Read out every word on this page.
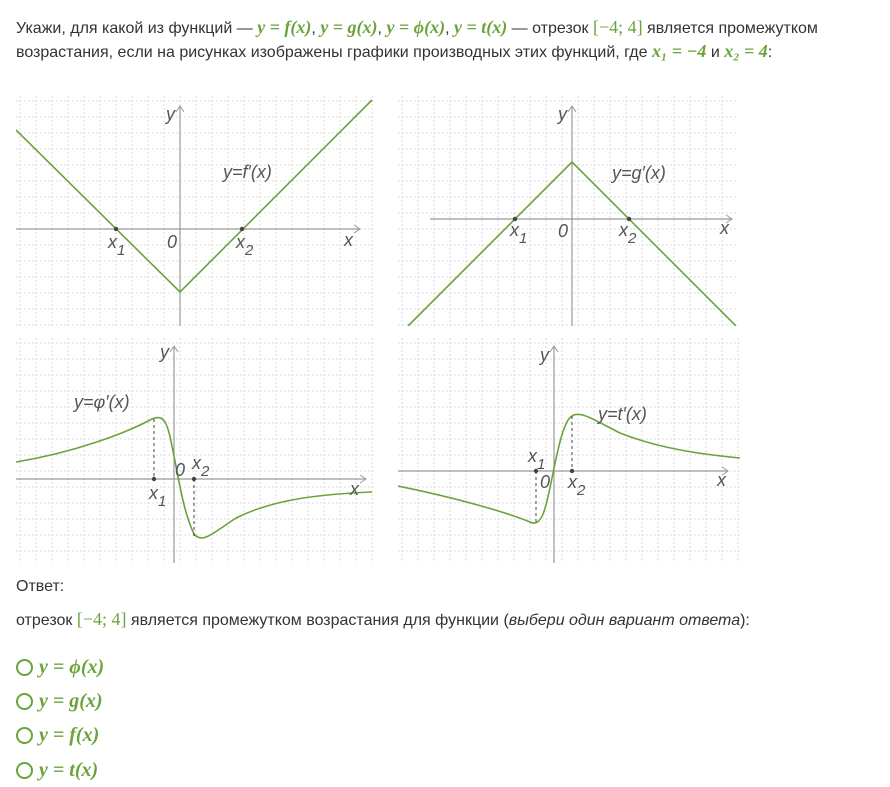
Укажи, для какой из функций — y = f(x), y = g(x), y = ϕ(x), y = t(x) — отрезок [−4; 4] является промежутком возрастания, если на рисунках изображены графики производных этих функций, где x₁ = −4 и x₂ = 4:
y
x
0
$x_1$	$x_2$
y=f′(x)
y
x
0
$x_1$	$x_2$
y=g′(x)
y
x
0
$x_1$
$x_2$
y=φ′(x)
y
x
0
$x_1$
$x_2$
y=t′(x)
Ответ:
отрезок [−4; 4] является промежутком возрастания для функции (выбери один вариант ответа):
y = ϕ(x)
y = g(x)
y = f(x)
y = t(x)
